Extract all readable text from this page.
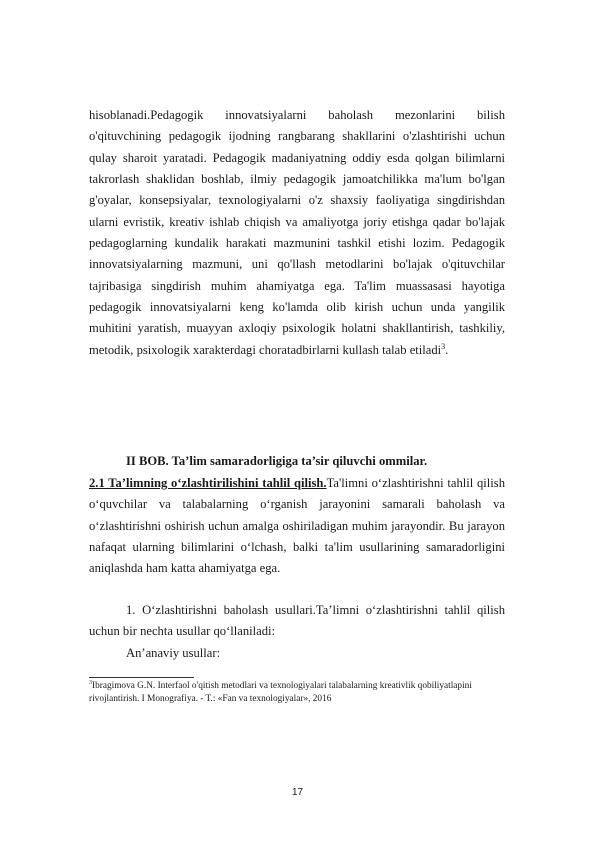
hisoblanadi.Pedagogik innovatsiyalarni baholash mezonlarini bilish o'qituvchining pedagogik ijodning rangbarang shakllarini o'zlashtirishi uchun qulay sharoit yaratadi. Pedagogik madaniyatning oddiy esda qolgan bilimlarni takrorlash shaklidan boshlab, ilmiy pedagogik jamoatchilikka ma'lum bo'lgan g'oyalar, konsepsiyalar, texnologiyalarni o'z shaxsiy faoliyatiga singdirishdan ularni evristik, kreativ ishlab chiqish va amaliyotga joriy etishga qadar bo'lajak pedagoglarning kundalik harakati mazmunini tashkil etishi lozim. Pedagogik innovatsiyalarning mazmuni, uni qo'llash metodlarini bo'lajak o'qituvchilar tajribasiga singdirish muhim ahamiyatga ega. Ta'lim muassasasi hayotiga pedagogik innovatsiyalarni keng ko'lamda olib kirish uchun unda yangilik muhitini yaratish, muayyan axloqiy psixologik holatni shakllantirish, tashkiliy, metodik, psixologik xarakterdagi choratadbirlarni kullash talab etiladi$^3$.

II BOB. Ta’lim samaradorligiga ta’sir qiluvchi ommilar.

2.1 Ta’limning o‘zlashtirilishini tahlil qilish.Ta'limni o‘zlashtirishni tahlil qilish o‘quvchilar va talabalarning o‘rganish jarayonini samarali baholash va o‘zlashtirishni oshirish uchun amalga oshiriladigan muhim jarayondir. Bu jarayon nafaqat ularning bilimlarini o‘lchash, balki ta'lim usullarining samaradorligini aniqlashda ham katta ahamiyatga ega.

1. O‘zlashtirishni baholash usullari.Ta’limni o‘zlashtirishni tahlil qilish uchun bir nechta usullar qo‘llaniladi:

An’anaviy usullar:

$^3$Ibragimova G.N. Interfaol o'qitish metodlari va texnologiyalari talabalarning kreativlik qobiliyatlapini rivojlantirish. I Monografiya. - T.: «Fan va texnologiyalar», 2016

17
